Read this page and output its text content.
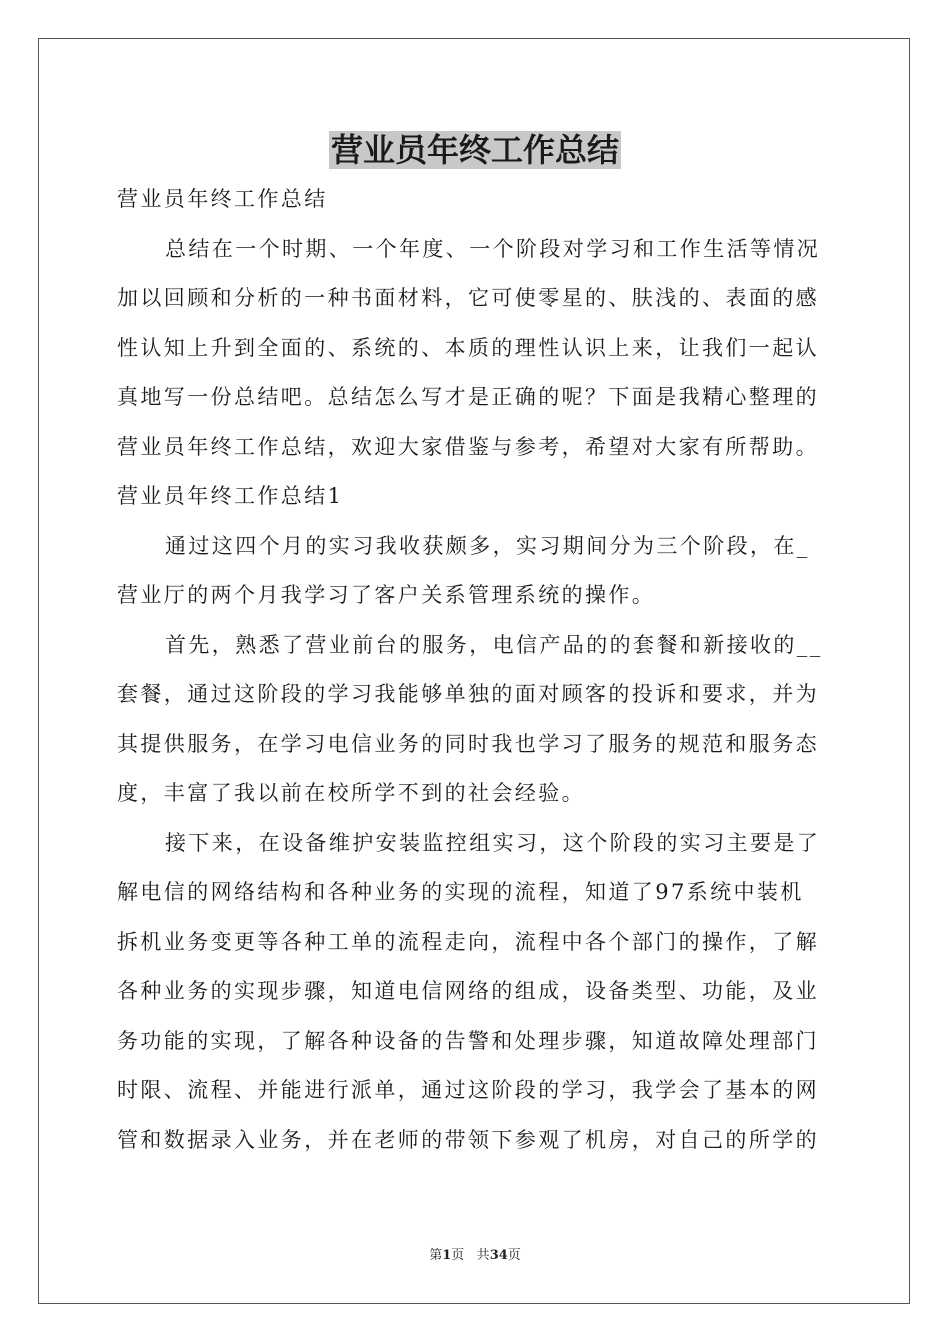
营业员年终工作总结
营业员年终工作总结
总结在一个时期、一个年度、一个阶段对学习和工作生活等情况
加以回顾和分析的一种书面材料，它可使零星的、肤浅的、表面的感
性认知上升到全面的、系统的、本质的理性认识上来，让我们一起认
真地写一份总结吧。总结怎么写才是正确的呢？下面是我精心整理的
营业员年终工作总结，欢迎大家借鉴与参考，希望对大家有所帮助。
营业员年终工作总结1
通过这四个月的实习我收获颇多，实习期间分为三个阶段，在_
营业厅的两个月我学习了客户关系管理系统的操作。
首先，熟悉了营业前台的服务，电信产品的的套餐和新接收的__
套餐，通过这阶段的学习我能够单独的面对顾客的投诉和要求，并为
其提供服务，在学习电信业务的同时我也学习了服务的规范和服务态
度，丰富了我以前在校所学不到的社会经验。
接下来，在设备维护安装监控组实习，这个阶段的实习主要是了
解电信的网络结构和各种业务的实现的流程，知道了97系统中装机
拆机业务变更等各种工单的流程走向，流程中各个部门的操作，了解
各种业务的实现步骤，知道电信网络的组成，设备类型、功能，及业
务功能的实现，了解各种设备的告警和处理步骤，知道故障处理部门
时限、流程、并能进行派单，通过这阶段的学习，我学会了基本的网
管和数据录入业务，并在老师的带领下参观了机房，对自己的所学的
第1页 共34页
